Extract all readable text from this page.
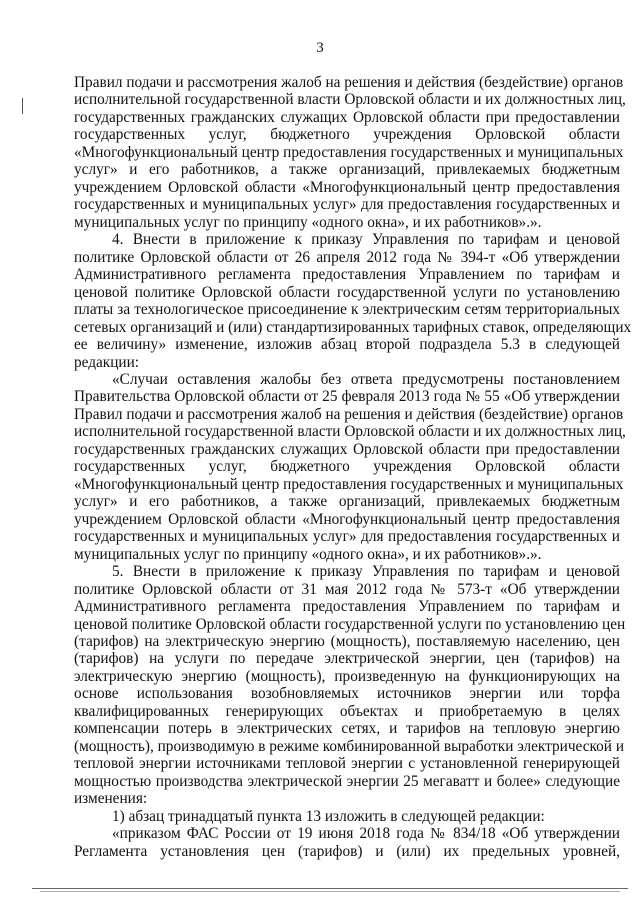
3
Правил подачи и рассмотрения жалоб на решения и действия (бездействие) органов
исполнительной государственной власти Орловской области и их должностных лиц,
государственных гражданских служащих Орловской области при предоставлении
государственных услуг, бюджетного учреждения Орловской области
«Многофункциональный центр предоставления государственных и муниципальных
услуг» и его работников, а также организаций, привлекаемых бюджетным
учреждением Орловской области «Многофункциональный центр предоставления
государственных и муниципальных услуг» для предоставления государственных и
муниципальных услуг по принципу «одного окна», и их работников».».
4. Внести в приложение к приказу Управления по тарифам и ценовой
политике Орловской области от 26 апреля 2012 года № 394-т «Об утверждении
Административного регламента предоставления Управлением по тарифам и
ценовой политике Орловской области государственной услуги по установлению
платы за технологическое присоединение к электрическим сетям территориальных
сетевых организаций и (или) стандартизированных тарифных ставок, определяющих
ее величину» изменение, изложив абзац второй подраздела 5.3 в следующей
редакции:
«Случаи оставления жалобы без ответа предусмотрены постановлением
Правительства Орловской области от 25 февраля 2013 года № 55 «Об утверждении
Правил подачи и рассмотрения жалоб на решения и действия (бездействие) органов
исполнительной государственной власти Орловской области и их должностных лиц,
государственных гражданских служащих Орловской области при предоставлении
государственных услуг, бюджетного учреждения Орловской области
«Многофункциональный центр предоставления государственных и муниципальных
услуг» и его работников, а также организаций, привлекаемых бюджетным
учреждением Орловской области «Многофункциональный центр предоставления
государственных и муниципальных услуг» для предоставления государственных и
муниципальных услуг по принципу «одного окна», и их работников».».
5. Внести в приложение к приказу Управления по тарифам и ценовой
политике Орловской области от 31 мая 2012 года № 573-т «Об утверждении
Административного регламента предоставления Управлением по тарифам и
ценовой политике Орловской области государственной услуги по установлению цен
(тарифов) на электрическую энергию (мощность), поставляемую населению, цен
(тарифов) на услуги по передаче электрической энергии, цен (тарифов) на
электрическую энергию (мощность), произведенную на функционирующих на
основе использования возобновляемых источников энергии или торфа
квалифицированных генерирующих объектах и приобретаемую в целях
компенсации потерь в электрических сетях, и тарифов на тепловую энергию
(мощность), производимую в режиме комбинированной выработки электрической и
тепловой энергии источниками тепловой энергии с установленной генерирующей
мощностью производства электрической энергии 25 мегаватт и более» следующие
изменения:
1) абзац тринадцатый пункта 13 изложить в следующей редакции:
«приказом ФАС России от 19 июня 2018 года № 834/18 «Об утверждении
Регламента установления цен (тарифов) и (или) их предельных уровней,
